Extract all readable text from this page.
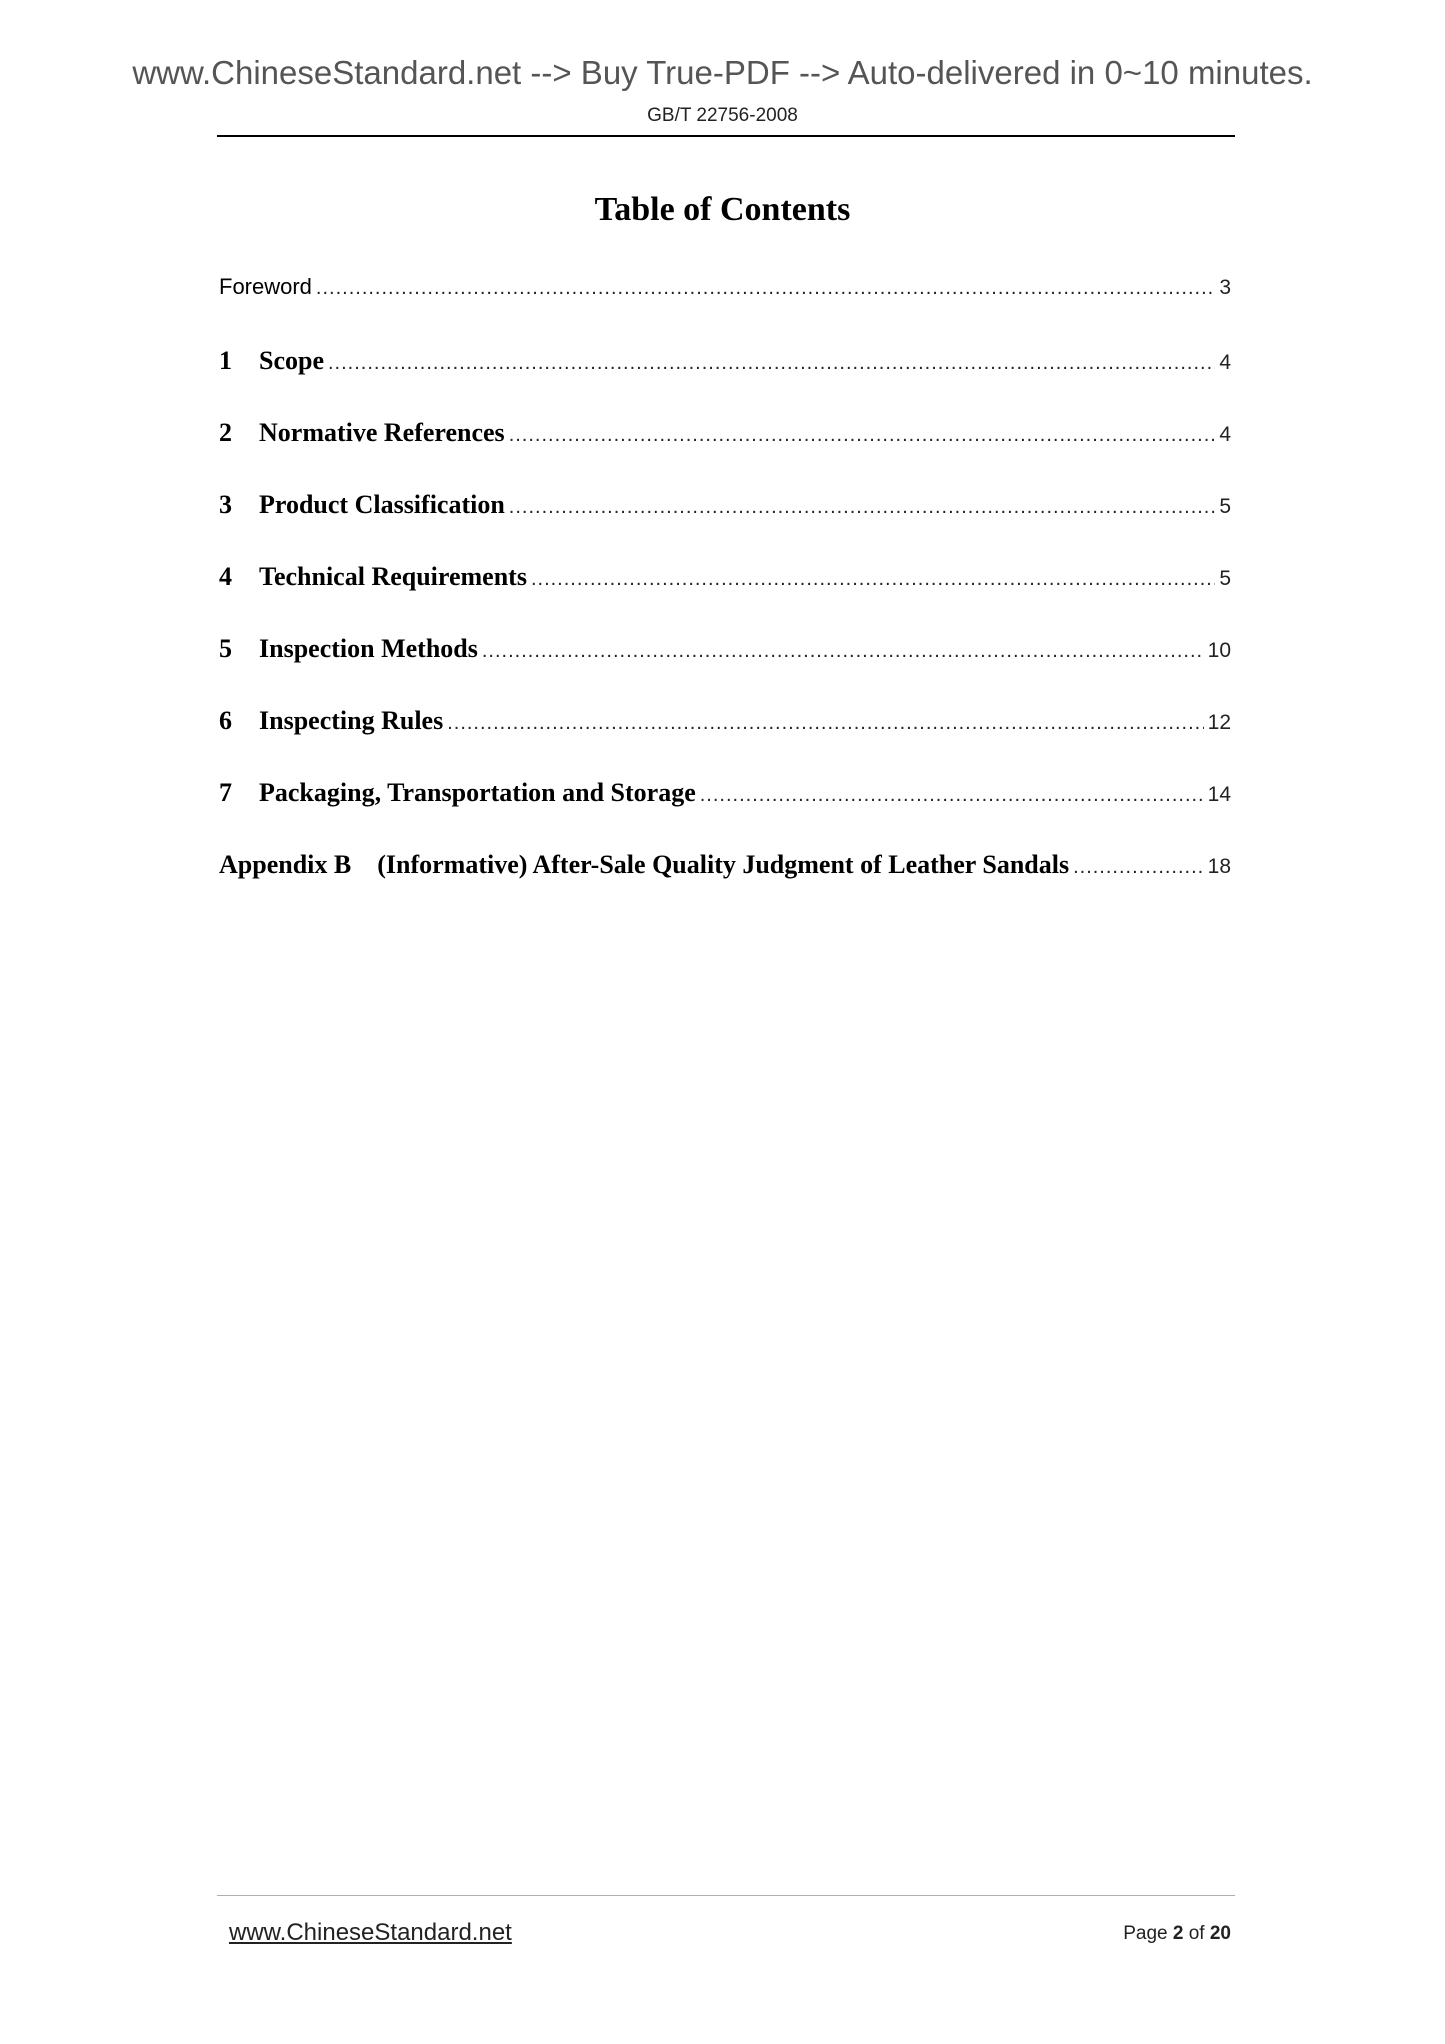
www.ChineseStandard.net --> Buy True-PDF --> Auto-delivered in 0~10 minutes.
GB/T 22756-2008
Table of Contents
Foreword .....	3
1	Scope .....	4
2	Normative References .....	4
3	Product Classification .....	5
4	Technical Requirements .....	5
5	Inspection Methods .....	10
6	Inspecting Rules .....	12
7	Packaging, Transportation and Storage .....	14
Appendix B (Informative) After-Sale Quality Judgment of Leather Sandals .....	18
www.ChineseStandard.net	Page 2 of 20
